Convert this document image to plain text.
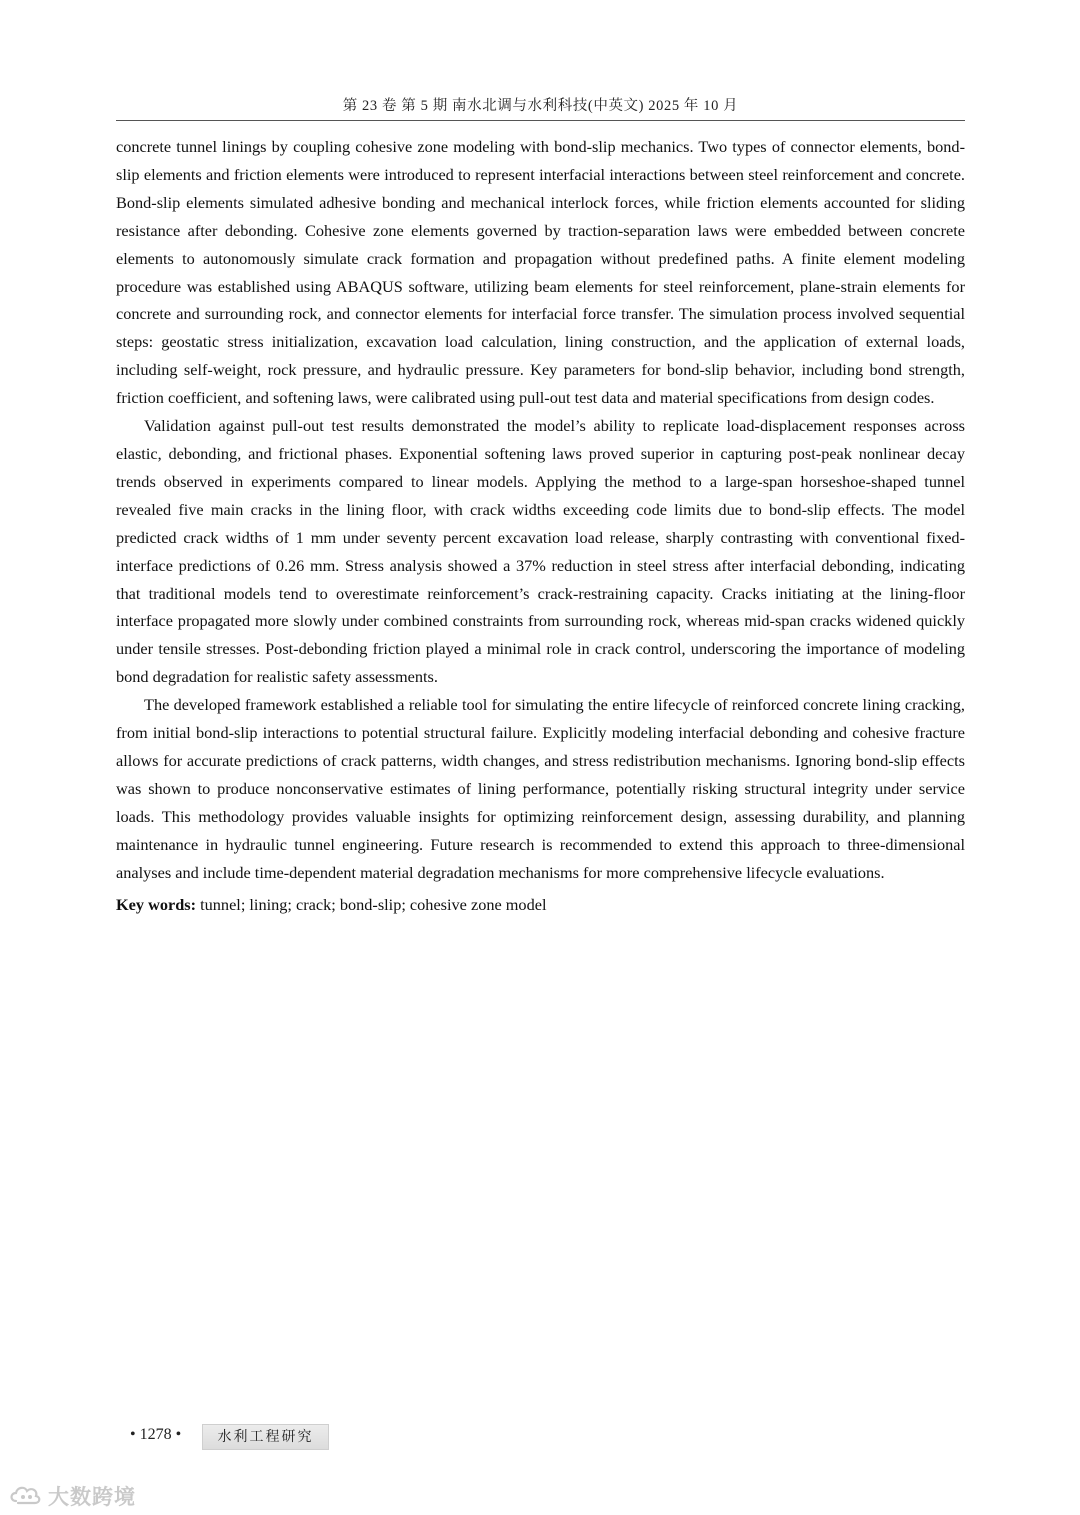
第 23 卷 第 5 期 南水北调与水利科技(中英文) 2025 年 10 月

concrete tunnel linings by coupling cohesive zone modeling with bond-slip mechanics. Two types of connector elements, bond-slip elements and friction elements were introduced to represent interfacial interactions between steel reinforcement and concrete. Bond-slip elements simulated adhesive bonding and mechanical interlock forces, while friction elements accounted for sliding resistance after debonding. Cohesive zone elements governed by traction-separation laws were embedded between concrete elements to autonomously simulate crack formation and propagation without predefined paths. A finite element modeling procedure was established using ABAQUS software, utilizing beam elements for steel reinforcement, plane-strain elements for concrete and surrounding rock, and connector elements for interfacial force transfer. The simulation process involved sequential steps: geostatic stress initialization, excavation load calculation, lining construction, and the application of external loads, including self-weight, rock pressure, and hydraulic pressure. Key parameters for bond-slip behavior, including bond strength, friction coefficient, and softening laws, were calibrated using pull-out test data and material specifications from design codes.

Validation against pull-out test results demonstrated the model’s ability to replicate load-displacement responses across elastic, debonding, and frictional phases. Exponential softening laws proved superior in capturing post-peak nonlinear decay trends observed in experiments compared to linear models. Applying the method to a large-span horseshoe-shaped tunnel revealed five main cracks in the lining floor, with crack widths exceeding code limits due to bond-slip effects. The model predicted crack widths of 1 mm under seventy percent excavation load release, sharply contrasting with conventional fixed-interface predictions of 0.26 mm. Stress analysis showed a 37% reduction in steel stress after interfacial debonding, indicating that traditional models tend to overestimate reinforcement’s crack-restraining capacity. Cracks initiating at the lining-floor interface propagated more slowly under combined constraints from surrounding rock, whereas mid-span cracks widened quickly under tensile stresses. Post-debonding friction played a minimal role in crack control, underscoring the importance of modeling bond degradation for realistic safety assessments.

The developed framework established a reliable tool for simulating the entire lifecycle of reinforced concrete lining cracking, from initial bond-slip interactions to potential structural failure. Explicitly modeling interfacial debonding and cohesive fracture allows for accurate predictions of crack patterns, width changes, and stress redistribution mechanisms. Ignoring bond-slip effects was shown to produce nonconservative estimates of lining performance, potentially risking structural integrity under service loads. This methodology provides valuable insights for optimizing reinforcement design, assessing durability, and planning maintenance in hydraulic tunnel engineering. Future research is recommended to extend this approach to three-dimensional analyses and include time-dependent material degradation mechanisms for more comprehensive lifecycle evaluations.

Key words: tunnel; lining; crack; bond-slip; cohesive zone model

• 1278 •	水利工程研究
大数跨境
